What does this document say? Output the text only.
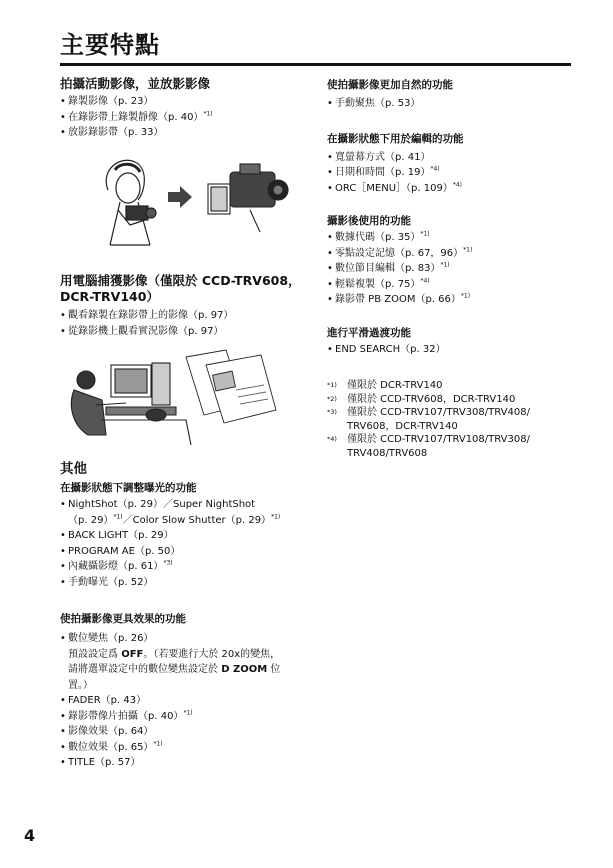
主要特點
拍攝活動影像，並放影影像
• 錄製影像（p. 23）
• 在錄影帶上錄製靜像（p. 40）$^{*1)}$
• 放影錄影帶（p. 33）
用電腦捕獲影像（僅限於 CCD-TRV608，
DCR-TRV140）
• 觀看錄製在錄影帶上的影像（p. 97）
• 從錄影機上觀看實況影像（p. 97）
其他
在攝影狀態下調整曝光的功能
• NightShot（p. 29）／Super NightShot
（p. 29）$^{*1)}$／Color Slow Shutter（p. 29）$^{*1)}$
• BACK LIGHT（p. 29）
• PROGRAM AE（p. 50）
• 內藏攝影燈（p. 61）$^{*3)}$
• 手動曝光（p. 52）
使拍攝影像更具效果的功能
• 數位變焦（p. 26）
預設設定爲 OFF。（若要進行大於 20x的變焦，
請將選單設定中的數位變焦設定於 D ZOOM 位
置。）
• FADER（p. 43）
• 錄影帶像片拍攝（p. 40）$^{*1)}$
• 影像效果（p. 64）
• 數位效果（p. 65）$^{*1)}$
• TITLE（p. 57）
使拍攝影像更加自然的功能
• 手動聚焦（p. 53）
在攝影狀態下用於編輯的功能
• 寬螢幕方式（p. 41）
• 日期和時間（p. 19）$^{*4)}$
• ORC［MENU］（p. 109）$^{*4)}$
攝影後使用的功能
• 數據代碼（p. 35）$^{*1)}$
• 零點設定記憶（p. 67，96）$^{*1)}$
• 數位節目編輯（p. 83）$^{*1)}$
• 輕鬆複製（p. 75）$^{*4)}$
• 錄影帶 PB ZOOM（p. 66）$^{*1)}$
進行平滑過渡功能
• END SEARCH（p. 32）
*1) 僅限於 DCR-TRV140
*2) 僅限於 CCD-TRV608，DCR-TRV140
*3) 僅限於 CCD-TRV107/TRV308/TRV408/
TRV608，DCR-TRV140
*4) 僅限於 CCD-TRV107/TRV108/TRV308/
TRV408/TRV608
4
